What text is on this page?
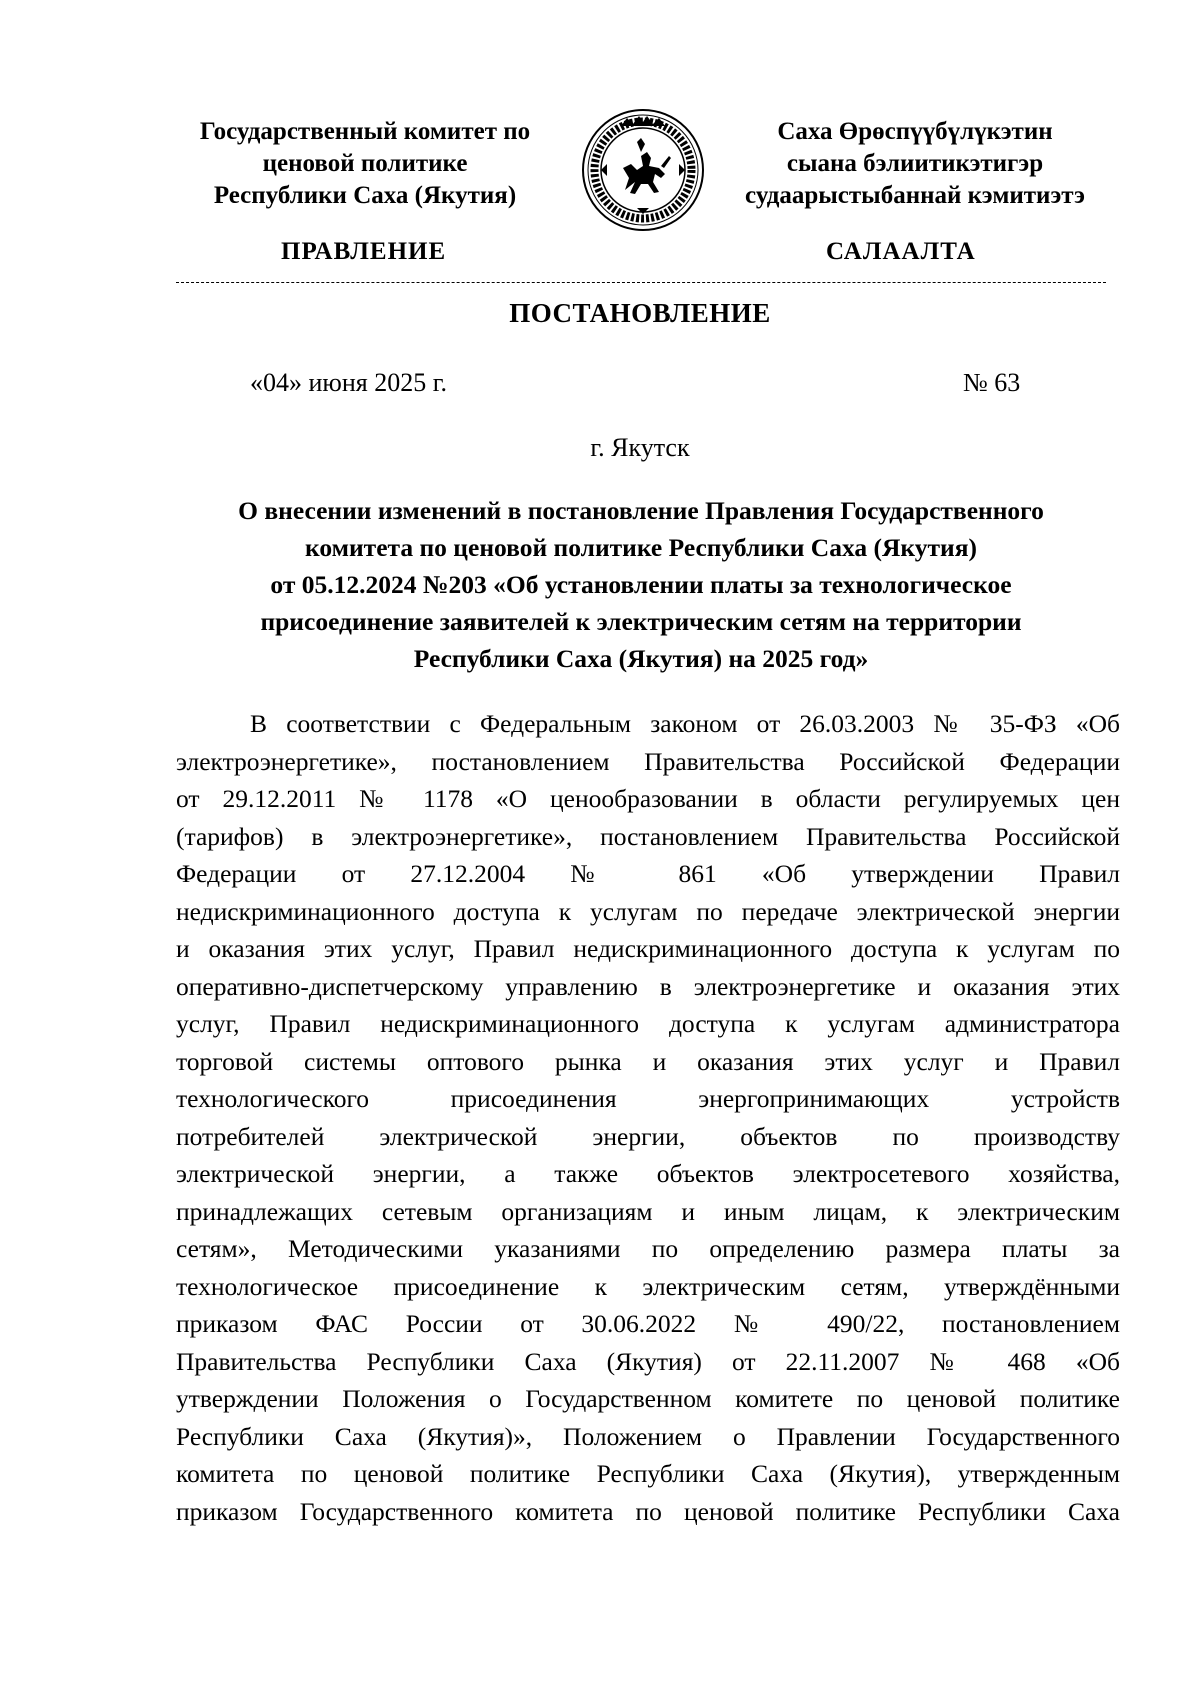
Государственный комитет по
ценовой политике
Республики Саха (Якутия)
Саха Өрөспүүбүлүкэтин
сыана бэлиитикэтигэр
судаарыстыбаннай кэмитиэтэ
ПРАВЛЕНИЕ	САЛААЛТА
ПОСТАНОВЛЕНИЕ
«04» июня 2025 г.	№ 63
г. Якутск
О внесении изменений в постановление Правления Государственного
комитета по ценовой политике Республики Саха (Якутия)
от 05.12.2024 №203 «Об установлении платы за технологическое
присоединение заявителей к электрическим сетям на территории
Республики Саха (Якутия) на 2025 год»
В соответствии с Федеральным законом от 26.03.2003 № 35-ФЗ «Об
электроэнергетике», постановлением Правительства Российской Федерации
от 29.12.2011 № 1178 «О ценообразовании в области регулируемых цен
(тарифов) в электроэнергетике», постановлением Правительства Российской
Федерации от 27.12.2004 № 861 «Об утверждении Правил
недискриминационного доступа к услугам по передаче электрической энергии
и оказания этих услуг, Правил недискриминационного доступа к услугам по
оперативно-диспетчерскому управлению в электроэнергетике и оказания этих
услуг, Правил недискриминационного доступа к услугам администратора
торговой системы оптового рынка и оказания этих услуг и Правил
технологического присоединения энергопринимающих устройств
потребителей электрической энергии, объектов по производству
электрической энергии, а также объектов электросетевого хозяйства,
принадлежащих сетевым организациям и иным лицам, к электрическим
сетям», Методическими указаниями по определению размера платы за
технологическое присоединение к электрическим сетям, утверждёнными
приказом ФАС России от 30.06.2022 № 490/22, постановлением
Правительства Республики Саха (Якутия) от 22.11.2007 № 468 «Об
утверждении Положения о Государственном комитете по ценовой политике
Республики Саха (Якутия)», Положением о Правлении Государственного
комитета по ценовой политике Республики Саха (Якутия), утвержденным
приказом Государственного комитета по ценовой политике Республики Саха
